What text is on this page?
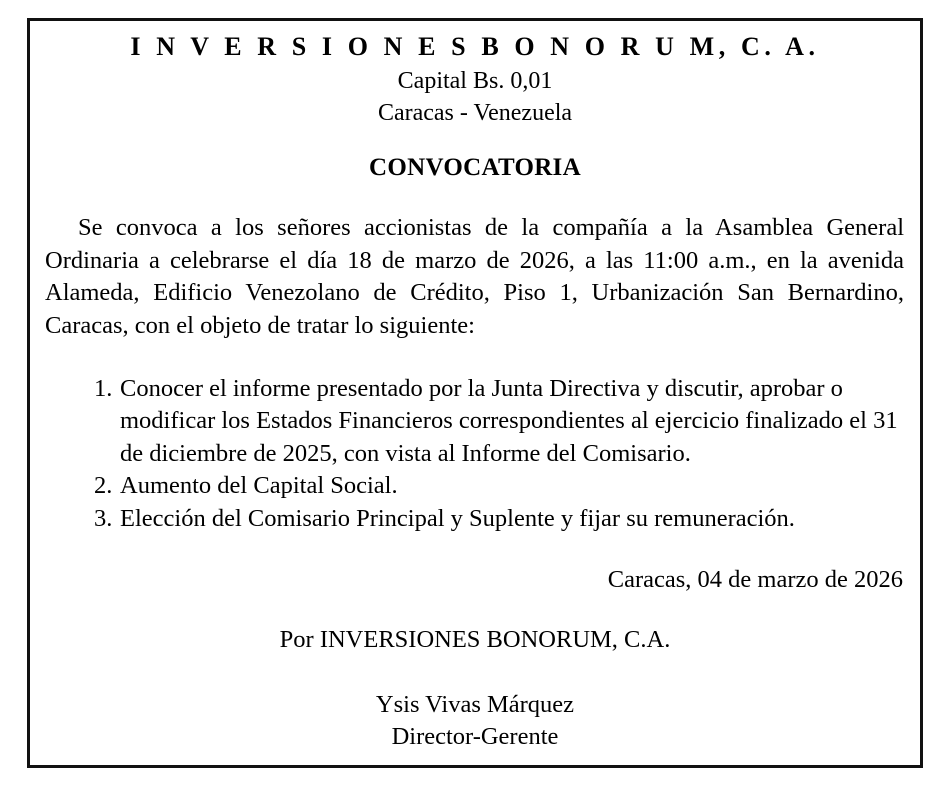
I N V E R S I O N E S B O N O R U M, C. A.
Capital Bs. 0,01
Caracas - Venezuela
CONVOCATORIA

Se convoca a los señores accionistas de la compañía a la Asamblea General Ordinaria a celebrarse el día 18 de marzo de 2026, a las 11:00 a.m., en la avenida Alameda, Edificio Venezolano de Crédito, Piso 1, Urbanización San Bernardino, Caracas, con el objeto de tratar lo siguiente:

1. Conocer el informe presentado por la Junta Directiva y discutir, aprobar o modificar los Estados Financieros correspondientes al ejercicio finalizado el 31 de diciembre de 2025, con vista al Informe del Comisario.
2. Aumento del Capital Social.
3. Elección del Comisario Principal y Suplente y fijar su remuneración.
Caracas, 04 de marzo de 2026
Por INVERSIONES BONORUM, C.A.
Ysis Vivas Márquez
Director-Gerente
